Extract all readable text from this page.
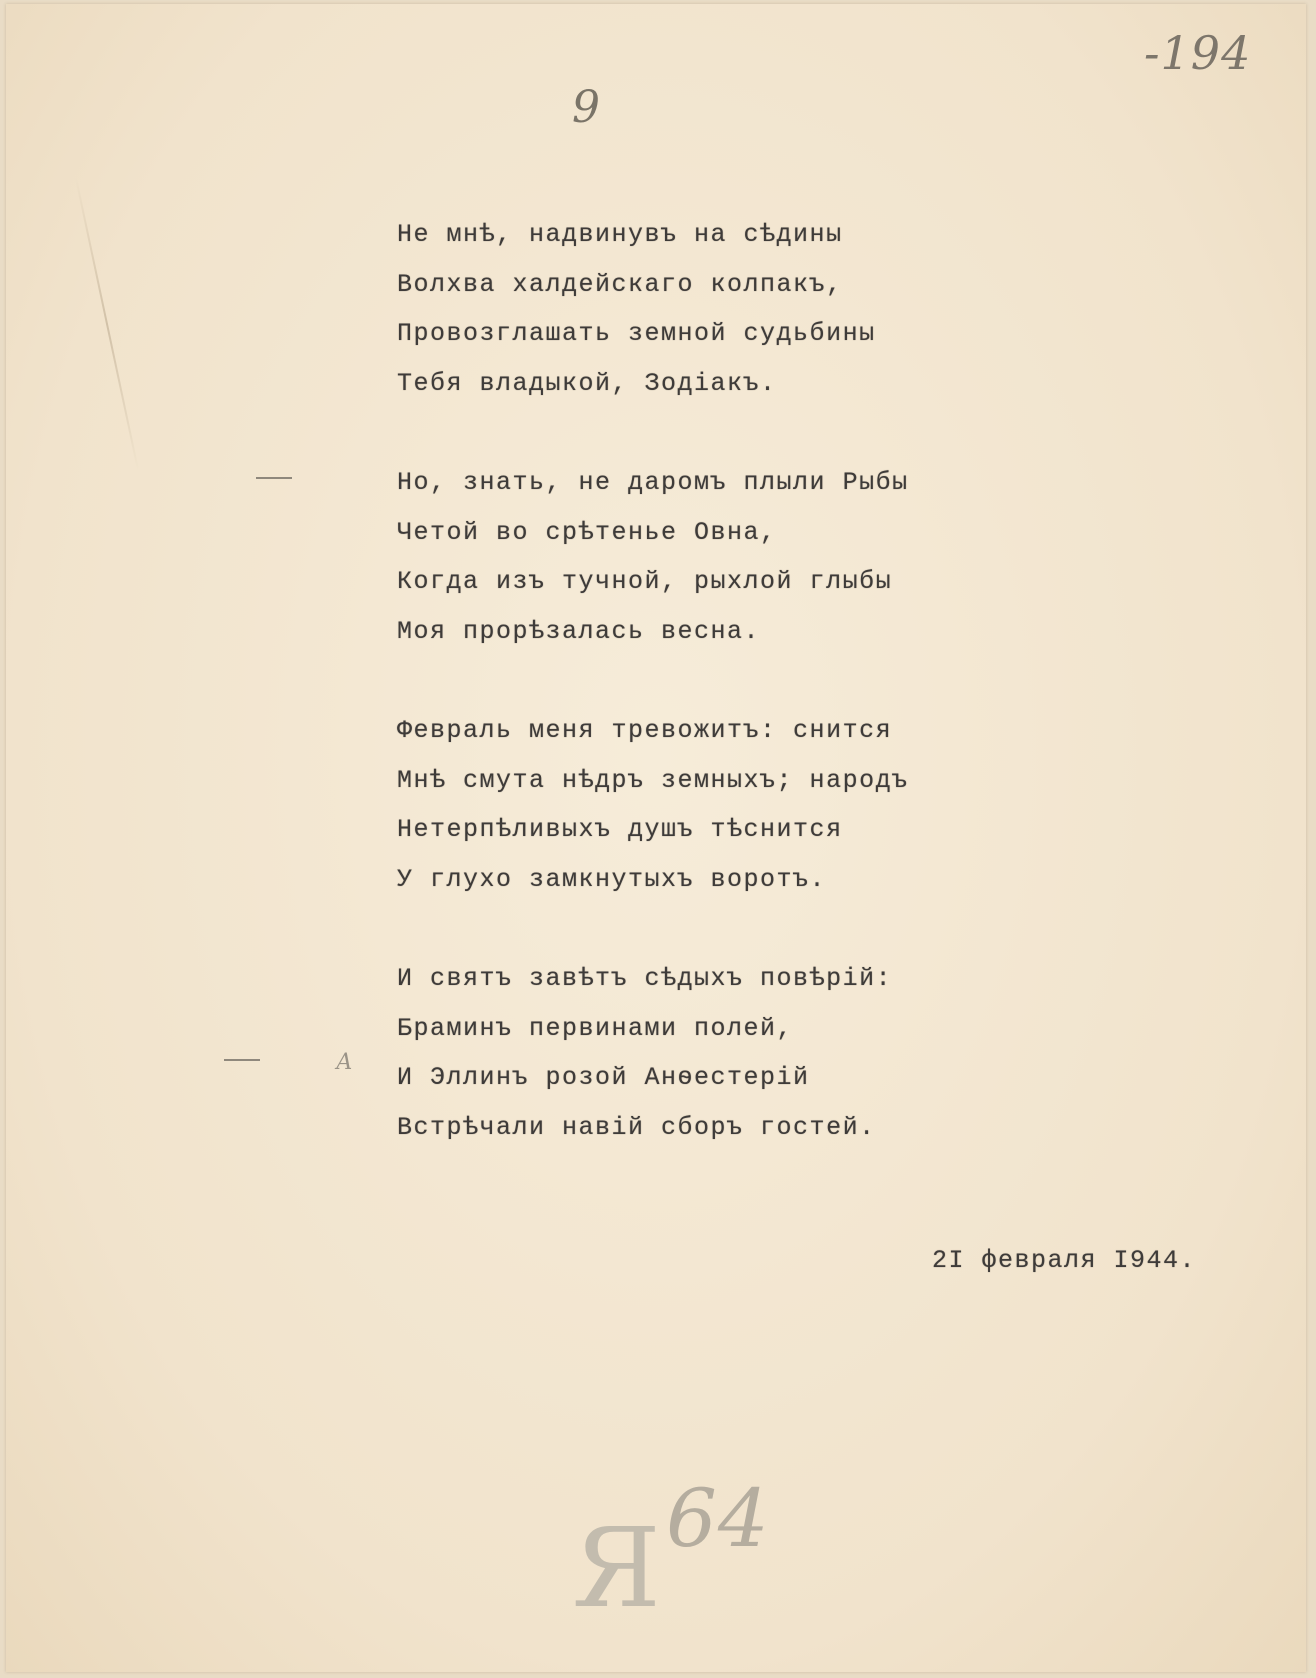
-194
9
А
Не мнѣ, надвинувъ на сѣдины
Волхва халдейскаго колпакъ,
Провозглашать земной судьбины
Тебя владыкой, Зодіакъ.
Но, знать, не даромъ плыли Рыбы
Четой во срѣтенье Овна,
Когда изъ тучной, рыхлой глыбы
Моя прорѣзалась весна.
Февраль меня тревожитъ: снится
Мнѣ смута нѣдръ земныхъ; народъ
Нетерпѣливыхъ душъ тѣснится
У глухо замкнутыхъ воротъ.
И святъ завѣтъ сѣдыхъ повѣрій:
Браминъ первинами полей,
И Эллинъ розой Анѳестерій
Встрѣчали навій сборъ гостей.
2I февраля I944.
Я 64
